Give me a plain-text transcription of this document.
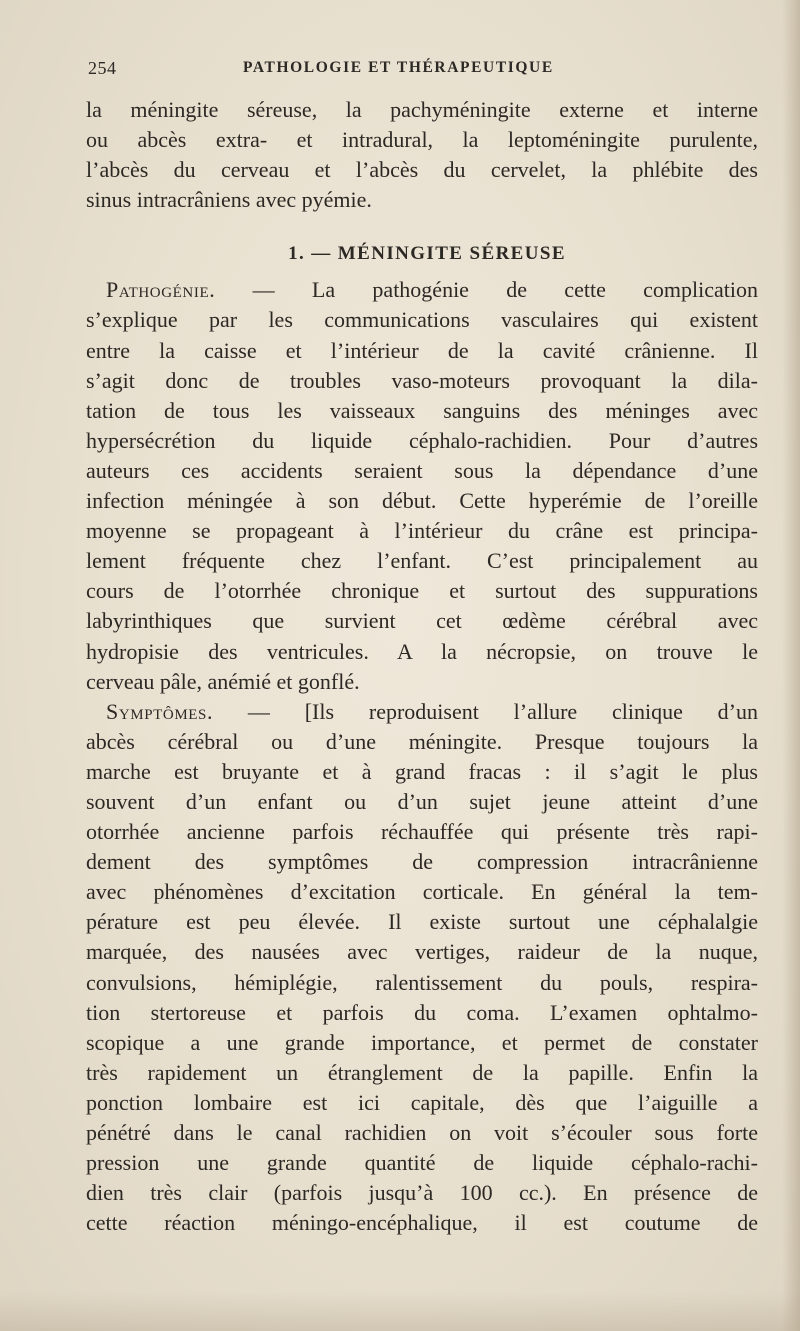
254	PATHOLOGIE ET THÉRAPEUTIQUE
la méningite séreuse, la pachyméningite externe et interne
ou abcès extra- et intradural, la leptoméningite purulente,
l’abcès du cerveau et l’abcès du cervelet, la phlébite des
sinus intracrâniens avec pyémie.
1. — MÉNINGITE SÉREUSE
Pathogénie. — La pathogénie de cette complication
s’explique par les communications vasculaires qui existent
entre la caisse et l’intérieur de la cavité crânienne. Il
s’agit donc de troubles vaso-moteurs provoquant la dila-
tation de tous les vaisseaux sanguins des méninges avec
hypersécrétion du liquide céphalo-rachidien. Pour d’autres
auteurs ces accidents seraient sous la dépendance d’une
infection méningée à son début. Cette hyperémie de l’oreille
moyenne se propageant à l’intérieur du crâne est principa-
lement fréquente chez l’enfant. C’est principalement au
cours de l’otorrhée chronique et surtout des suppurations
labyrinthiques que survient cet œdème cérébral avec
hydropisie des ventricules. A la nécropsie, on trouve le
cerveau pâle, anémié et gonflé.
Symptômes. — [Ils reproduisent l’allure clinique d’un
abcès cérébral ou d’une méningite. Presque toujours la
marche est bruyante et à grand fracas : il s’agit le plus
souvent d’un enfant ou d’un sujet jeune atteint d’une
otorrhée ancienne parfois réchauffée qui présente très rapi-
dement des symptômes de compression intracrânienne
avec phénomènes d’excitation corticale. En général la tem-
pérature est peu élevée. Il existe surtout une céphalalgie
marquée, des nausées avec vertiges, raideur de la nuque,
convulsions, hémiplégie, ralentissement du pouls, respira-
tion stertoreuse et parfois du coma. L’examen ophtalmo-
scopique a une grande importance, et permet de constater
très rapidement un étranglement de la papille. Enfin la
ponction lombaire est ici capitale, dès que l’aiguille a
pénétré dans le canal rachidien on voit s’écouler sous forte
pression une grande quantité de liquide céphalo-rachi-
dien très clair (parfois jusqu’à 100 cc.). En présence de
cette réaction méningo-encéphalique, il est coutume de
